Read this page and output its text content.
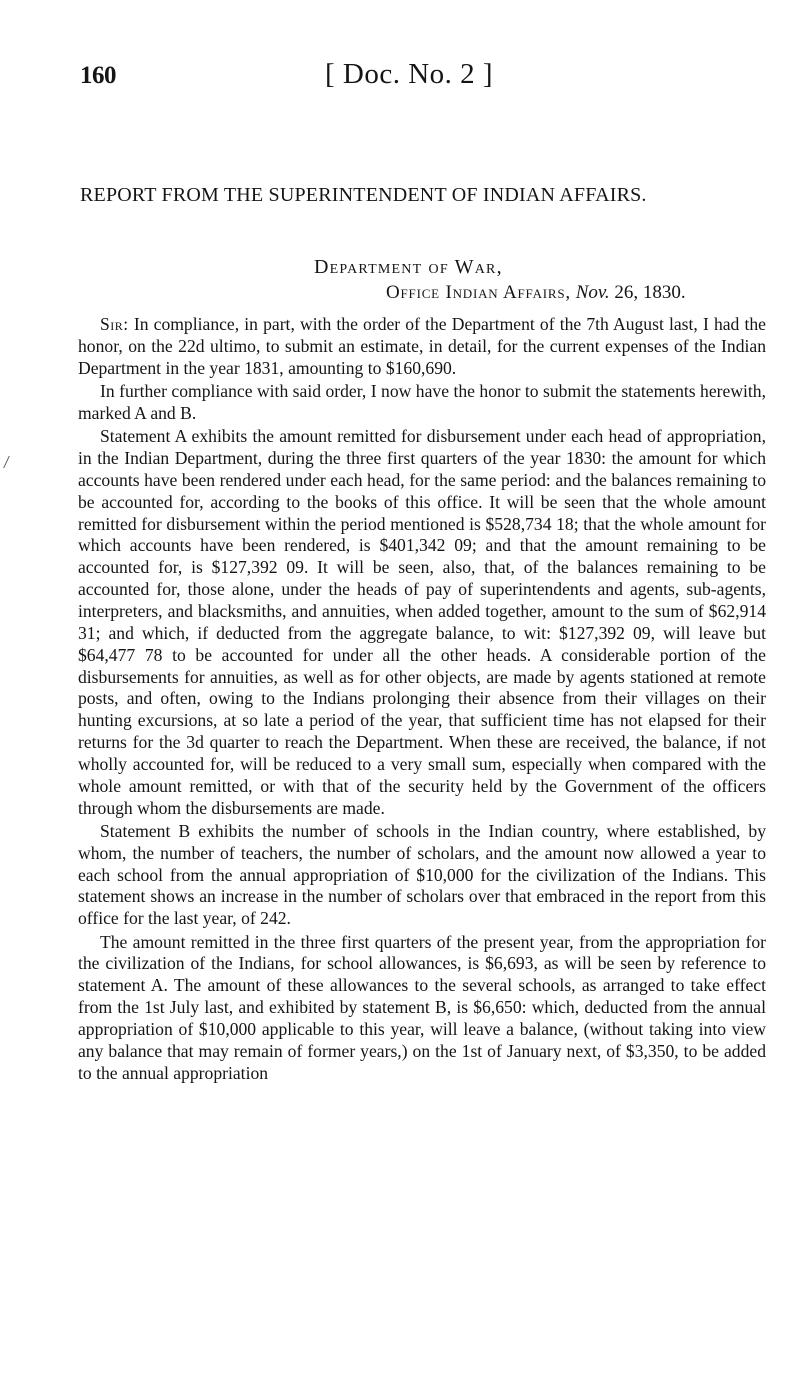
160	[ Doc. No. 2 ]
REPORT FROM THE SUPERINTENDENT OF INDIAN AFFAIRS.
Department of War,
Office Indian Affairs, Nov. 26, 1830.

Sir: In compliance, in part, with the order of the Department of the 7th August last, I had the honor, on the 22d ultimo, to submit an estimate, in detail, for the current expenses of the Indian Department in the year 1831, amounting to $160,690.

In further compliance with said order, I now have the honor to submit the statements herewith, marked A and B.

Statement A exhibits the amount remitted for disbursement under each head of appropriation, in the Indian Department, during the three first quarters of the year 1830: the amount for which accounts have been rendered under each head, for the same period: and the balances remaining to be accounted for, according to the books of this office. It will be seen that the whole amount remitted for disbursement within the period mentioned is $528,734 18; that the whole amount for which accounts have been rendered, is $401,342 09; and that the amount remaining to be accounted for, is $127,392 09. It will be seen, also, that, of the balances remaining to be accounted for, those alone, under the heads of pay of superintendents and agents, sub-agents, interpreters, and blacksmiths, and annuities, when added together, amount to the sum of $62,914 31; and which, if deducted from the aggregate balance, to wit: $127,392 09, will leave but $64,477 78 to be accounted for under all the other heads. A considerable portion of the disbursements for annuities, as well as for other objects, are made by agents stationed at remote posts, and often, owing to the Indians prolonging their absence from their villages on their hunting excursions, at so late a period of the year, that sufficient time has not elapsed for their returns for the 3d quarter to reach the Department. When these are received, the balance, if not wholly accounted for, will be reduced to a very small sum, especially when compared with the whole amount remitted, or with that of the security held by the Government of the officers through whom the disbursements are made.

Statement B exhibits the number of schools in the Indian country, where established, by whom, the number of teachers, the number of scholars, and the amount now allowed a year to each school from the annual appropriation of $10,000 for the civilization of the Indians. This statement shows an increase in the number of scholars over that embraced in the report from this office for the last year, of 242.

The amount remitted in the three first quarters of the present year, from the appropriation for the civilization of the Indians, for school allowances, is $6,693, as will be seen by reference to statement A. The amount of these allowances to the several schools, as arranged to take effect from the 1st July last, and exhibited by statement B, is $6,650: which, deducted from the annual appropriation of $10,000 applicable to this year, will leave a balance, (without taking into view any balance that may remain of former years,) on the 1st of January next, of $3,350, to be added to the annual appropriation
